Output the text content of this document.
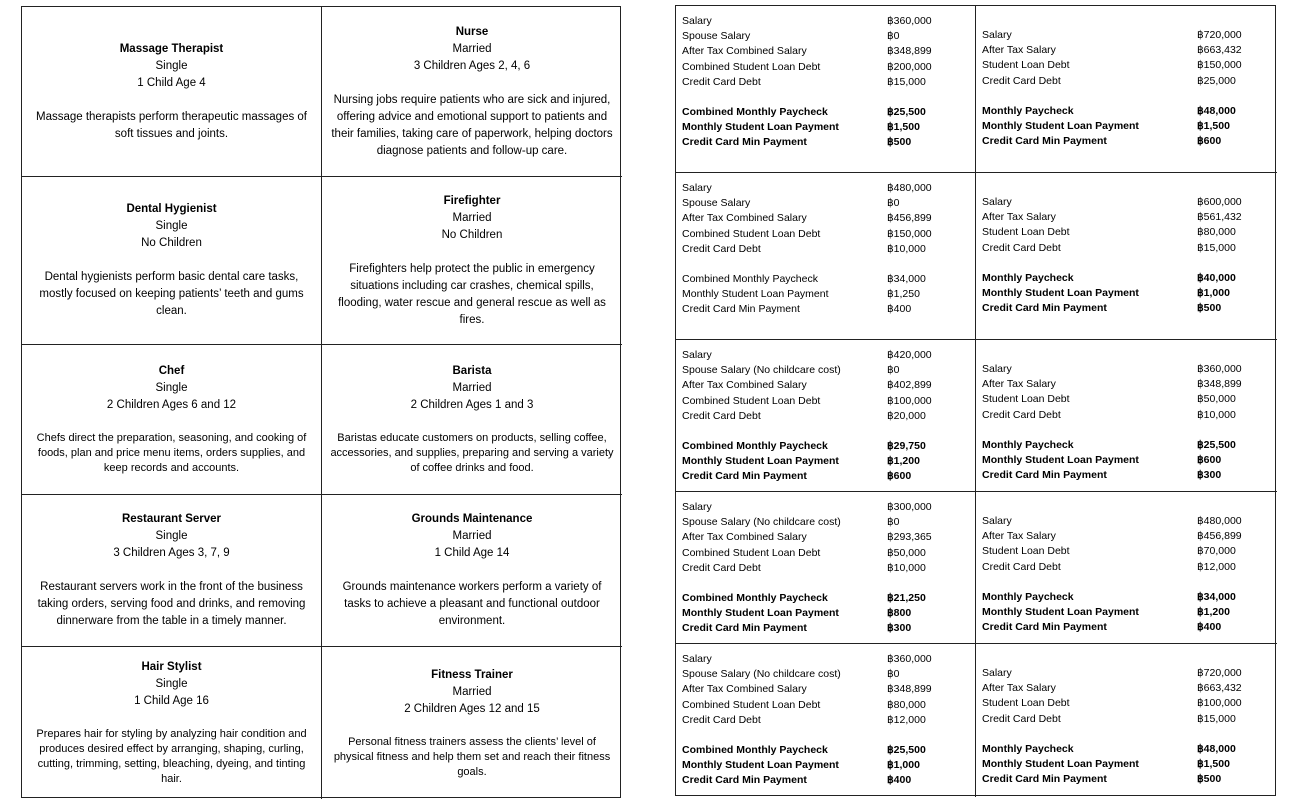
Massage Therapist
Single
1 Child Age 4
Massage therapists perform therapeutic massages of soft tissues and joints.
Nurse
Married
3 Children Ages 2, 4, 6
Nursing jobs require patients who are sick and injured, offering advice and emotional support to patients and their families, taking care of paperwork, helping doctors diagnose patients and follow-up care.
Dental Hygienist
Single
No Children
Dental hygienists perform basic dental care tasks, mostly focused on keeping patients’ teeth and gums clean.
Firefighter
Married
No Children
Firefighters help protect the public in emergency situations including car crashes, chemical spills, flooding, water rescue and general rescue as well as fires.
Chef
Single
2 Children Ages 6 and 12
Chefs direct the preparation, seasoning, and cooking of foods, plan and price menu items, orders supplies, and keep records and accounts.
Barista
Married
2 Children Ages 1 and 3
Baristas educate customers on products, selling coffee, accessories, and supplies, preparing and serving a variety of coffee drinks and food.
Restaurant Server
Single
3 Children Ages 3, 7, 9
Restaurant servers work in the front of the business taking orders, serving food and drinks, and removing dinnerware from the table in a timely manner.
Grounds Maintenance
Married
1 Child Age 14
Grounds maintenance workers perform a variety of tasks to achieve a pleasant and functional outdoor environment.
Hair Stylist
Single
1 Child Age 16
Prepares hair for styling by analyzing hair condition and produces desired effect by arranging, shaping, curling, cutting, trimming, setting, bleaching, dyeing, and tinting hair.
Fitness Trainer
Married
2 Children Ages 12 and 15
Personal fitness trainers assess the clients’ level of physical fitness and help them set and reach their fitness goals.
Salary	฿360,000
Spouse Salary	฿0
After Tax Combined Salary	฿348,899
Combined Student Loan Debt	฿200,000
Credit Card Debt	฿15,000
Combined Monthly Paycheck	฿25,500
Monthly Student Loan Payment	฿1,500
Credit Card Min Payment	฿500
Salary	฿720,000
After Tax Salary	฿663,432
Student Loan Debt	฿150,000
Credit Card Debt	฿25,000
Monthly Paycheck	฿48,000
Monthly Student Loan Payment	฿1,500
Credit Card Min Payment	฿600
Salary	฿480,000
Spouse Salary	฿0
After Tax Combined Salary	฿456,899
Combined Student Loan Debt	฿150,000
Credit Card Debt	฿10,000
Combined Monthly Paycheck	฿34,000
Monthly Student Loan Payment	฿1,250
Credit Card Min Payment	฿400
Salary	฿600,000
After Tax Salary	฿561,432
Student Loan Debt	฿80,000
Credit Card Debt	฿15,000
Monthly Paycheck	฿40,000
Monthly Student Loan Payment	฿1,000
Credit Card Min Payment	฿500
Salary	฿420,000
Spouse Salary (No childcare cost)	฿0
After Tax Combined Salary	฿402,899
Combined Student Loan Debt	฿100,000
Credit Card Debt	฿20,000
Combined Monthly Paycheck	฿29,750
Monthly Student Loan Payment	฿1,200
Credit Card Min Payment	฿600
Salary	฿360,000
After Tax Salary	฿348,899
Student Loan Debt	฿50,000
Credit Card Debt	฿10,000
Monthly Paycheck	฿25,500
Monthly Student Loan Payment	฿600
Credit Card Min Payment	฿300
Salary	฿300,000
Spouse Salary (No childcare cost)	฿0
After Tax Combined Salary	฿293,365
Combined Student Loan Debt	฿50,000
Credit Card Debt	฿10,000
Combined Monthly Paycheck	฿21,250
Monthly Student Loan Payment	฿800
Credit Card Min Payment	฿300
Salary	฿480,000
After Tax Salary	฿456,899
Student Loan Debt	฿70,000
Credit Card Debt	฿12,000
Monthly Paycheck	฿34,000
Monthly Student Loan Payment	฿1,200
Credit Card Min Payment	฿400
Salary	฿360,000
Spouse Salary (No childcare cost)	฿0
After Tax Combined Salary	฿348,899
Combined Student Loan Debt	฿80,000
Credit Card Debt	฿12,000
Combined Monthly Paycheck	฿25,500
Monthly Student Loan Payment	฿1,000
Credit Card Min Payment	฿400
Salary	฿720,000
After Tax Salary	฿663,432
Student Loan Debt	฿100,000
Credit Card Debt	฿15,000
Monthly Paycheck	฿48,000
Monthly Student Loan Payment	฿1,500
Credit Card Min Payment	฿500
